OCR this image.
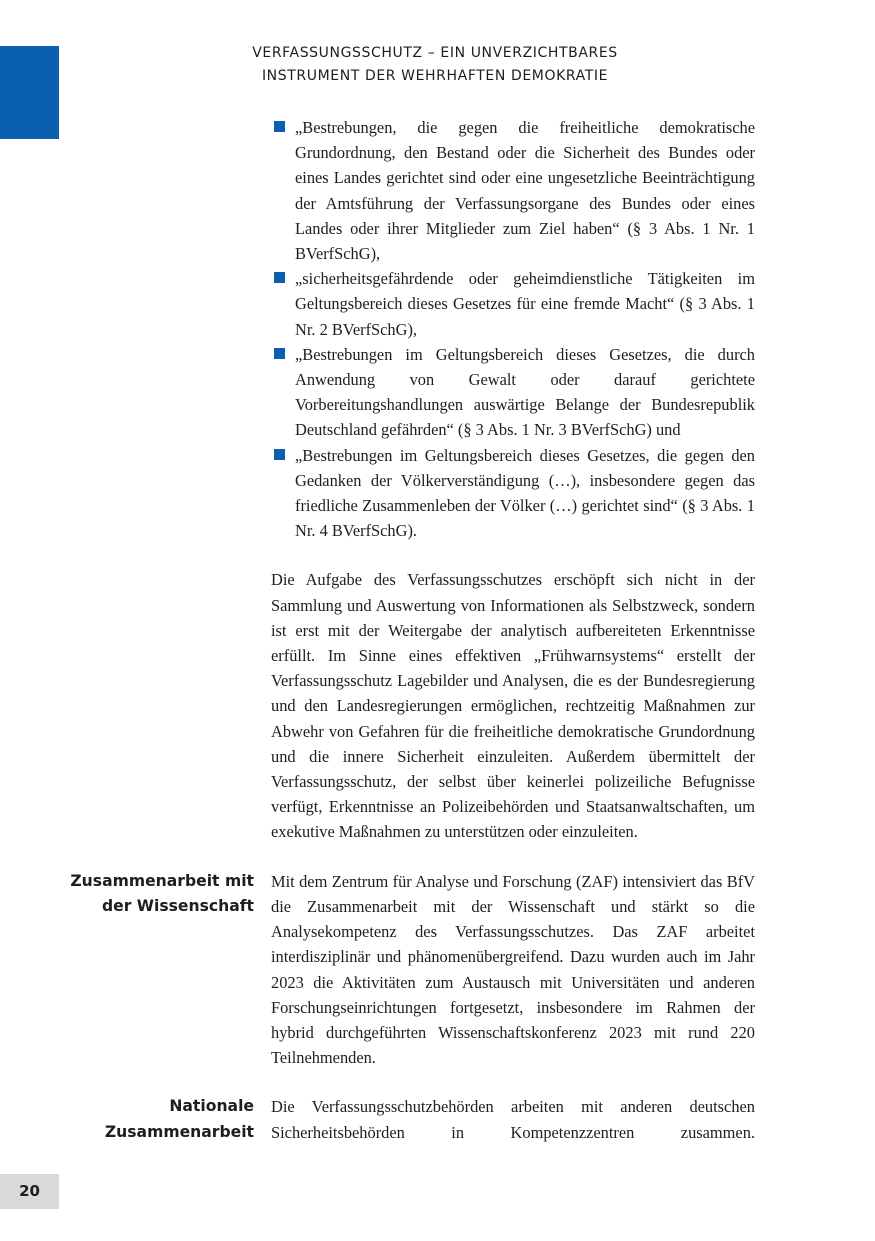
VERFASSUNGSSCHUTZ – EIN UNVERZICHTBARES
INSTRUMENT DER WEHRHAFTEN DEMOKRATIE
„Bestrebungen, die gegen die freiheitliche demokratische Grundordnung, den Bestand oder die Sicherheit des Bundes oder eines Landes gerichtet sind oder eine ungesetzliche Beeinträchtigung der Amtsführung der Verfassungsorgane des Bundes oder eines Landes oder ihrer Mitglieder zum Ziel haben“ (§ 3 Abs. 1 Nr. 1 BVerfSchG),
„sicherheitsgefährdende oder geheimdienstliche Tätigkeiten im Geltungsbereich dieses Gesetzes für eine fremde Macht“ (§ 3 Abs. 1 Nr. 2 BVerfSchG),
„Bestrebungen im Geltungsbereich dieses Gesetzes, die durch Anwendung von Gewalt oder darauf gerichtete Vorbereitungshandlungen auswärtige Belange der Bundesrepublik Deutschland gefährden“ (§ 3 Abs. 1 Nr. 3 BVerfSchG) und
„Bestrebungen im Geltungsbereich dieses Gesetzes, die gegen den Gedanken der Völkerverständigung (…), insbesondere gegen das friedliche Zusammenleben der Völker (…) gerichtet sind“ (§ 3 Abs. 1 Nr. 4 BVerfSchG).

Die Aufgabe des Verfassungsschutzes erschöpft sich nicht in der Sammlung und Auswertung von Informationen als Selbstzweck, sondern ist erst mit der Weitergabe der analytisch aufbereiteten Erkenntnisse erfüllt. Im Sinne eines effektiven „Frühwarnsystems“ erstellt der Verfassungsschutz Lagebilder und Analysen, die es der Bundesregierung und den Landesregierungen ermöglichen, rechtzeitig Maßnahmen zur Abwehr von Gefahren für die freiheitliche demokratische Grundordnung und die innere Sicherheit einzuleiten. Außerdem übermittelt der Verfassungsschutz, der selbst über keinerlei polizeiliche Befugnisse verfügt, Erkenntnisse an Polizeibehörden und Staatsanwaltschaften, um exekutive Maßnahmen zu unterstützen oder einzuleiten.

Zusammenarbeit mit
der Wissenschaft

Mit dem Zentrum für Analyse und Forschung (ZAF) intensiviert das BfV die Zusammenarbeit mit der Wissenschaft und stärkt so die Analysekompetenz des Verfassungsschutzes. Das ZAF arbeitet interdisziplinär und phänomenübergreifend. Dazu wurden auch im Jahr 2023 die Aktivitäten zum Austausch mit Universitäten und anderen Forschungseinrichtungen fortgesetzt, insbesondere im Rahmen der hybrid durchgeführten Wissenschaftskonferenz 2023 mit rund 220 Teilnehmenden.

Nationale
Zusammenarbeit

Die Verfassungsschutzbehörden arbeiten mit anderen deutschen Sicherheitsbehörden in Kompetenzzentren zusammen.

20
